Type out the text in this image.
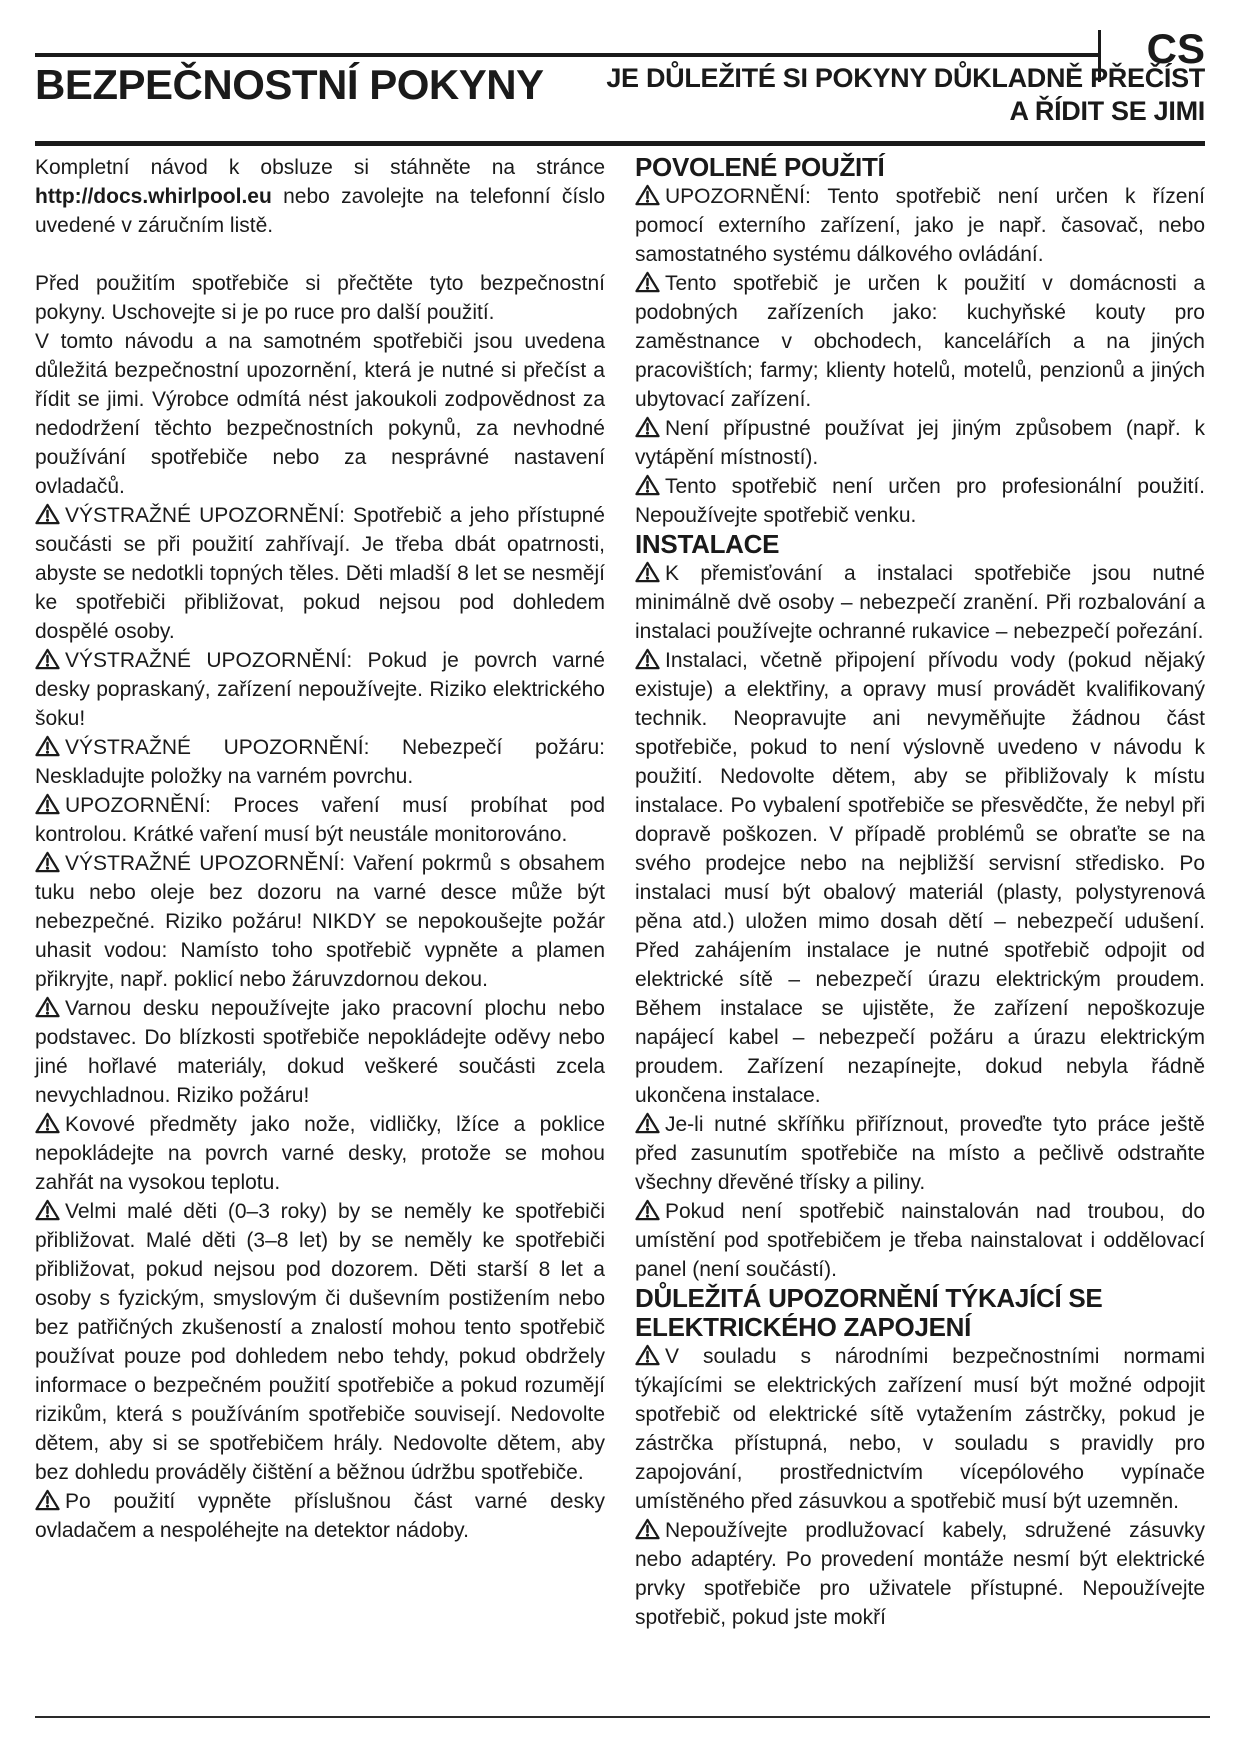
CS
BEZPEČNOSTNÍ POKYNY JE DŮLEŽITÉ SI POKYNY DŮKLADNĚ PŘEČÍST
A ŘÍDIT SE JIMI

Kompletní návod k obsluze si stáhněte na stránce http://docs.whirlpool.eu nebo zavolejte na telefonní číslo uvedené v záručním listě.

Před použitím spotřebiče si přečtěte tyto bezpečnostní pokyny. Uschovejte si je po ruce pro další použití.

V tomto návodu a na samotném spotřebiči jsou uvedena důležitá bezpečnostní upozornění, která je nutné si přečíst a řídit se jimi. Výrobce odmítá nést jakoukoli zodpovědnost za nedodržení těchto bezpečnostních pokynů, za nevhodné používání spotřebiče nebo za nesprávné nastavení ovladačů.

VÝSTRAŽNÉ UPOZORNĚNÍ: Spotřebič a jeho přístupné součásti se při použití zahřívají. Je třeba dbát opatrnosti, abyste se nedotkli topných těles. Děti mladší 8 let se nesmějí ke spotřebiči přibližovat, pokud nejsou pod dohledem dospělé osoby.

VÝSTRAŽNÉ UPOZORNĚNÍ: Pokud je povrch varné desky popraskaný, zařízení nepoužívejte. Riziko elektrického šoku!

VÝSTRAŽNÉ UPOZORNĚNÍ: Nebezpečí požáru: Neskladujte položky na varném povrchu.

UPOZORNĚNÍ: Proces vaření musí probíhat pod kontrolou. Krátké vaření musí být neustále monitorováno.

VÝSTRAŽNÉ UPOZORNĚNÍ: Vaření pokrmů s obsahem tuku nebo oleje bez dozoru na varné desce může být nebezpečné. Riziko požáru! NIKDY se nepokoušejte požár uhasit vodou: Namísto toho spotřebič vypněte a plamen přikryjte, např. poklicí nebo žáruvzdornou dekou.

Varnou desku nepoužívejte jako pracovní plochu nebo podstavec. Do blízkosti spotřebiče nepokládejte oděvy nebo jiné hořlavé materiály, dokud veškeré součásti zcela nevychladnou. Riziko požáru!

Kovové předměty jako nože, vidličky, lžíce a poklice nepokládejte na povrch varné desky, protože se mohou zahřát na vysokou teplotu.

Velmi malé děti (0–3 roky) by se neměly ke spotřebiči přibližovat. Malé děti (3–8 let) by se neměly ke spotřebiči přibližovat, pokud nejsou pod dozorem. Děti starší 8 let a osoby s fyzickým, smyslovým či duševním postižením nebo bez patřičných zkušeností a znalostí mohou tento spotřebič používat pouze pod dohledem nebo tehdy, pokud obdržely informace o bezpečném použití spotřebiče a pokud rozumějí rizikům, která s používáním spotřebiče souvisejí. Nedovolte dětem, aby si se spotřebičem hrály. Nedovolte dětem, aby bez dohledu prováděly čištění a běžnou údržbu spotřebiče.

Po použití vypněte příslušnou část varné desky ovladačem a nespoléhejte na detektor nádoby.

POVOLENÉ POUŽITÍ

UPOZORNĚNÍ: Tento spotřebič není určen k řízení pomocí externího zařízení, jako je např. časovač, nebo samostatného systému dálkového ovládání.

Tento spotřebič je určen k použití v domácnosti a podobných zařízeních jako: kuchyňské kouty pro zaměstnance v obchodech, kancelářích a na jiných pracovištích; farmy; klienty hotelů, motelů, penzionů a jiných ubytovací zařízení.

Není přípustné používat jej jiným způsobem (např. k vytápění místností).

Tento spotřebič není určen pro profesionální použití. Nepoužívejte spotřebič venku.

INSTALACE

K přemisťování a instalaci spotřebiče jsou nutné minimálně dvě osoby – nebezpečí zranění. Při rozbalování a instalaci používejte ochranné rukavice – nebezpečí pořezání.

Instalaci, včetně připojení přívodu vody (pokud nějaký existuje) a elektřiny, a opravy musí provádět kvalifikovaný technik. Neopravujte ani nevyměňujte žádnou část spotřebiče, pokud to není výslovně uvedeno v návodu k použití. Nedovolte dětem, aby se přibližovaly k místu instalace. Po vybalení spotřebiče se přesvědčte, že nebyl při dopravě poškozen. V případě problémů se obraťte se na svého prodejce nebo na nejbližší servisní středisko. Po instalaci musí být obalový materiál (plasty, polystyrenová pěna atd.) uložen mimo dosah dětí – nebezpečí udušení. Před zahájením instalace je nutné spotřebič odpojit od elektrické sítě – nebezpečí úrazu elektrickým proudem. Během instalace se ujistěte, že zařízení nepoškozuje napájecí kabel – nebezpečí požáru a úrazu elektrickým proudem. Zařízení nezapínejte, dokud nebyla řádně ukončena instalace.

Je-li nutné skříňku přiříznout, proveďte tyto práce ještě před zasunutím spotřebiče na místo a pečlivě odstraňte všechny dřevěné třísky a piliny.

Pokud není spotřebič nainstalován nad troubou, do umístění pod spotřebičem je třeba nainstalovat i oddělovací panel (není součástí).

DŮLEŽITÁ UPOZORNĚNÍ TÝKAJÍCÍ SE ELEKTRICKÉHO ZAPOJENÍ

V souladu s národními bezpečnostními normami týkajícími se elektrických zařízení musí být možné odpojit spotřebič od elektrické sítě vytažením zástrčky, pokud je zástrčka přístupná, nebo, v souladu s pravidly pro zapojování, prostřednictvím vícepólového vypínače umístěného před zásuvkou a spotřebič musí být uzemněn.

Nepoužívejte prodlužovací kabely, sdružené zásuvky nebo adaptéry. Po provedení montáže nesmí být elektrické prvky spotřebiče pro uživatele přístupné. Nepoužívejte spotřebič, pokud jste mokří
